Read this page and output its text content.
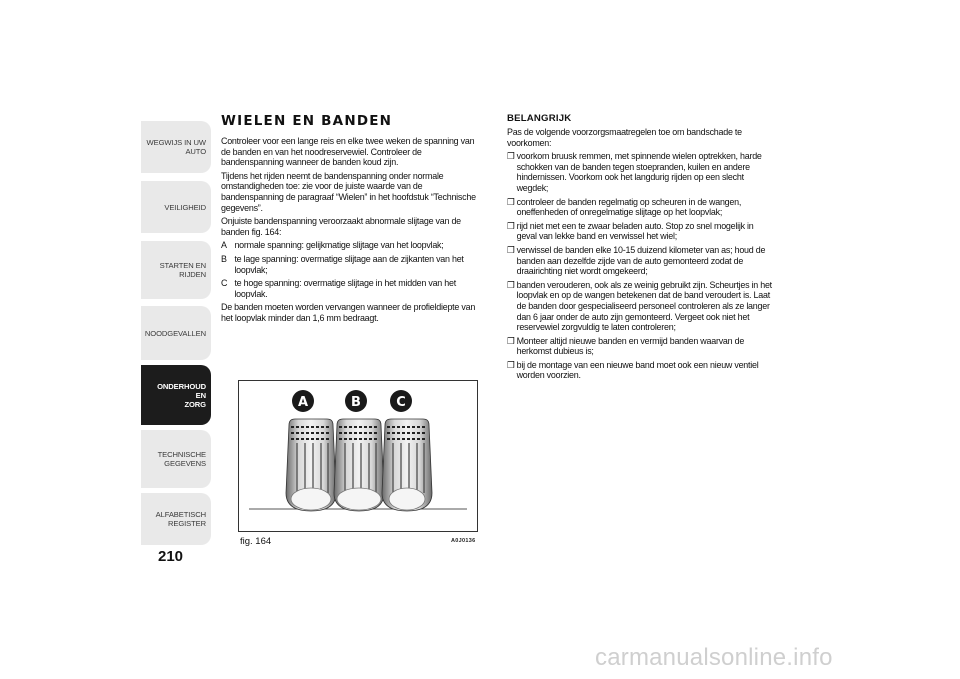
WEGWIJS IN UW
AUTO
VEILIGHEID
STARTEN EN RIJDEN
NOODGEVALLEN
ONDERHOUD EN
ZORG
TECHNISCHE
GEGEVENS
ALFABETISCH
REGISTER
210
WIELEN EN BANDEN

Controleer voor een lange reis en elke twee weken de spanning van de banden en van het noodreservewiel. Controleer de bandenspanning wanneer de banden koud zijn.

Tijdens het rijden neemt de bandenspanning onder normale omstandigheden toe: zie voor de juiste waarde van de bandenspanning de paragraaf “Wielen” in het hoofdstuk “Technische gegevens”.

Onjuiste bandenspanning veroorzaakt abnormale slijtage van de banden fig. 164:

A normale spanning: gelijkmatige slijtage van het loopvlak;
B te lage spanning: overmatige slijtage aan de zijkanten van het loopvlak;
C te hoge spanning: overmatige slijtage in het midden van het loopvlak.

De banden moeten worden vervangen wanneer de profieldiepte van het loopvlak minder dan 1,6 mm bedraagt.

A	B	C
fig. 164	A0J0136
BELANGRIJK

Pas de volgende voorzorgsmaatregelen toe om bandschade te voorkomen:

❒ voorkom bruusk remmen, met spinnende wielen optrekken, harde schokken van de banden tegen stoepranden, kuilen en andere hindernissen. Voorkom ook het langdurig rijden op een slecht wegdek;
❒ controleer de banden regelmatig op scheuren in de wangen, oneffenheden of onregelmatige slijtage op het loopvlak;
❒ rijd niet met een te zwaar beladen auto. Stop zo snel mogelijk in geval van lekke band en verwissel het wiel;
❒ verwissel de banden elke 10-15 duizend kilometer van as; houd de banden aan dezelfde zijde van de auto gemonteerd zodat de draairichting niet wordt omgekeerd;
❒ banden verouderen, ook als ze weinig gebruikt zijn. Scheurtjes in het loopvlak en op de wangen betekenen dat de band veroudert is. Laat de banden door gespecialiseerd personeel controleren als ze langer dan 6 jaar onder de auto zijn gemonteerd. Vergeet ook niet het reservewiel zorgvuldig te laten controleren;
❒ Monteer altijd nieuwe banden en vermijd banden waarvan de herkomst dubieus is;
❒ bij de montage van een nieuwe band moet ook een nieuw ventiel worden voorzien.
carmanualsonline.info
